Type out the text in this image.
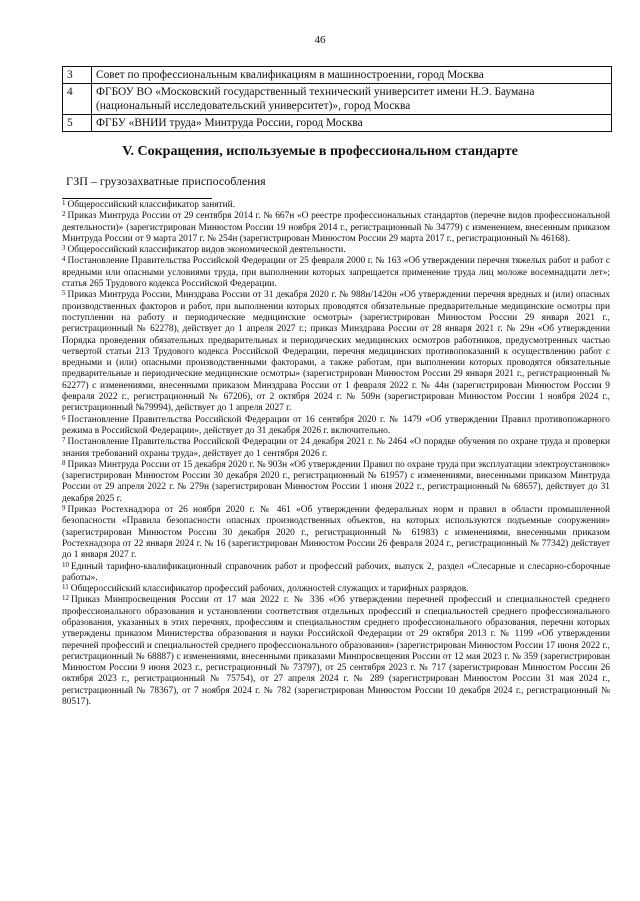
46
3	Совет по профессиональным квалификациям в машиностроении, город Москва
4	ФГБОУ ВО «Московский государственный технический университет имени Н.Э. Баумана (национальный исследовательский университет)», город Москва
5	ФГБУ «ВНИИ труда» Минтруда России, город Москва
V. Сокращения, используемые в профессиональном стандарте
ГЗП – грузозахватные приспособления

$^1$ Общероссийский классификатор занятий.

$^2$ Приказ Минтруда России от 29 сентября 2014 г. № 667н «О реестре профессиональных стандартов (перечне видов профессиональной деятельности)» (зарегистрирован Минюстом России 19 ноября 2014 г., регистрационный № 34779) с изменением, внесенным приказом Минтруда России от 9 марта 2017 г. № 254н (зарегистрирован Минюстом России 29 марта 2017 г., регистрационный № 46168).

$^3$ Общероссийский классификатор видов экономической деятельности.

$^4$ Постановление Правительства Российской Федерации от 25 февраля 2000 г. № 163 «Об утверждении перечня тяжелых работ и работ с вредными или опасными условиями труда, при выполнении которых запрещается применение труда лиц моложе восемнадцати лет»; статья 265 Трудового кодекса Российской Федерации.

$^5$ Приказ Минтруда России, Минздрава России от 31 декабря 2020 г. № 988н/1420н «Об утверждении перечня вредных и (или) опасных производственных факторов и работ, при выполнении которых проводятся обязательные предварительные медицинские осмотры при поступлении на работу и периодические медицинские осмотры» (зарегистрирован Минюстом России 29 января 2021 г., регистрационный № 62278), действует до 1 апреля 2027 г.; приказ Минздрава России от 28 января 2021 г. № 29н «Об утверждении Порядка проведения обязательных предварительных и периодических медицинских осмотров работников, предусмотренных частью четвертой статьи 213 Трудового кодекса Российской Федерации, перечня медицинских противопоказаний к осуществлению работ с вредными и (или) опасными производственными факторами, а также работам, при выполнении которых проводятся обязательные предварительные и периодические медицинские осмотры» (зарегистрирован Минюстом России 29 января 2021 г., регистрационный № 62277) с изменениями, внесенными приказом Минздрава России от 1 февраля 2022 г. № 44н (зарегистрирован Минюстом России 9 февраля 2022 г., регистрационный № 67206), от 2 октября 2024 г. № 509н (зарегистрирован Минюстом России 1 ноября 2024 г., регистрационный №79994), действует до 1 апреля 2027 г.

$^6$ Постановление Правительства Российской Федерации от 16 сентября 2020 г. № 1479 «Об утверждении Правил противопожарного режима в Российской Федерации», действует до 31 декабря 2026 г. включительно.

$^7$ Постановление Правительства Российской Федерации от 24 декабря 2021 г. № 2464 «О порядке обучения по охране труда и проверки знания требований охраны труда», действует до 1 сентября 2026 г.

$^8$ Приказ Минтруда России от 15 декабря 2020 г. № 903н «Об утверждении Правил по охране труда при эксплуатации электроустановок» (зарегистрирован Минюстом России 30 декабря 2020 г., регистрационный № 61957) с изменениями, внесенными приказом Минтруда России от 29 апреля 2022 г. № 279н (зарегистрирован Минюстом России 1 июня 2022 г., регистрационный № 68657), действует до 31 декабря 2025 г.

$^9$ Приказ Ростехнадзора от 26 ноября 2020 г. № 461 «Об утверждении федеральных норм и правил в области промышленной безопасности «Правила безопасности опасных производственных объектов, на которых используются подъемные сооружения» (зарегистрирован Минюстом России 30 декабря 2020 г., регистрационный № 61983) с изменениями, внесенными приказом Ростехнадзора от 22 января 2024 г. № 16 (зарегистрирован Минюстом России 26 февраля 2024 г., регистрационный № 77342) действует до 1 января 2027 г.

$^{10}$ Единый тарифно-квалификационный справочник работ и профессий рабочих, выпуск 2, раздел «Слесарные и слесарно-сборочные работы».

$^{11}$ Общероссийский классификатор профессий рабочих, должностей служащих и тарифных разрядов.

$^{12}$ Приказ Минпросвещения России от 17 мая 2022 г. № 336 «Об утверждении перечней профессий и специальностей среднего профессионального образования и установлении соответствия отдельных профессий и специальностей среднего профессионального образования, указанных в этих перечнях, профессиям и специальностям среднего профессионального образования, перечни которых утверждены приказом Министерства образования и науки Российской Федерации от 29 октября 2013 г. № 1199 «Об утверждении перечней профессий и специальностей среднего профессионального образования» (зарегистрирован Минюстом России 17 июня 2022 г., регистрационный № 68887) с изменениями, внесенными приказами Минпросвещения России от 12 мая 2023 г. № 359 (зарегистрирован Минюстом России 9 июня 2023 г., регистрационный № 73797), от 25 сентября 2023 г. № 717 (зарегистрирован Минюстом России 26 октября 2023 г., регистрационный № 75754), от 27 апреля 2024 г. № 289 (зарегистрирован Минюстом России 31 мая 2024 г., регистрационный № 78367), от 7 ноября 2024 г. № 782 (зарегистрирован Минюстом России 10 декабря 2024 г., регистрационный № 80517).
